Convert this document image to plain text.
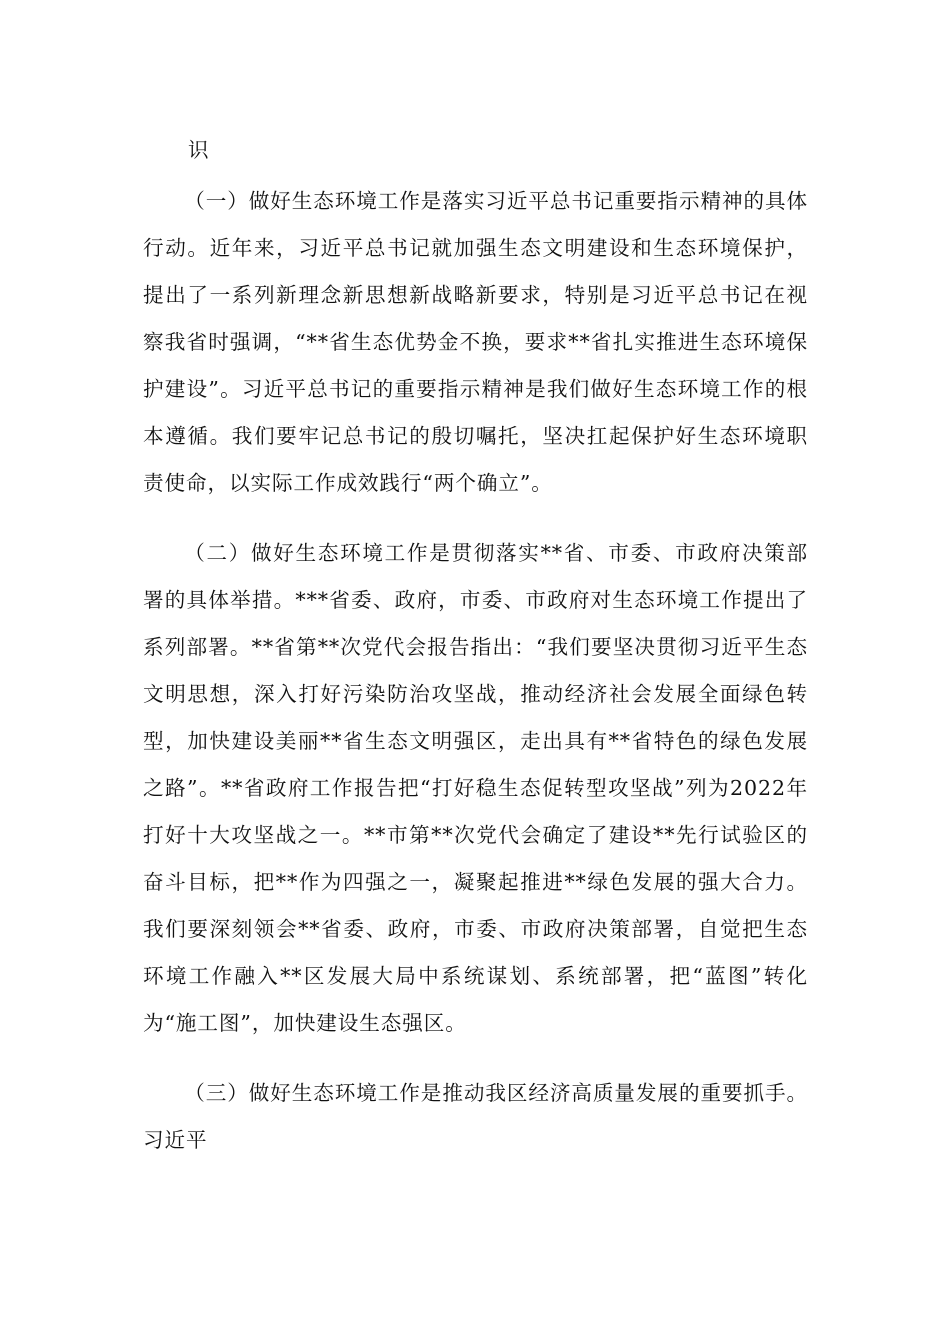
识

（一）做好生态环境工作是落实习近平总书记重要指示精神的具体行动。近年来，习近平总书记就加强生态文明建设和生态环境保护，提出了一系列新理念新思想新战略新要求，特别是习近平总书记在视察我省时强调，“**省生态优势金不换，要求**省扎实推进生态环境保护建设”。习近平总书记的重要指示精神是我们做好生态环境工作的根本遵循。我们要牢记总书记的殷切嘱托，坚决扛起保护好生态环境职责使命，以实际工作成效践行“两个确立”。

（二）做好生态环境工作是贯彻落实**省、市委、市政府决策部署的具体举措。***省委、政府，市委、市政府对生态环境工作提出了系列部署。**省第**次党代会报告指出：“我们要坚决贯彻习近平生态文明思想，深入打好污染防治攻坚战，推动经济社会发展全面绿色转型，加快建设美丽**省生态文明强区，走出具有**省特色的绿色发展之路”。**省政府工作报告把“打好稳生态促转型攻坚战”列为2022年打好十大攻坚战之一。**市第**次党代会确定了建设**先行试验区的奋斗目标，把**作为四强之一，凝聚起推进**绿色发展的强大合力。我们要深刻领会**省委、政府，市委、市政府决策部署，自觉把生态环境工作融入**区发展大局中系统谋划、系统部署，把“蓝图”转化为“施工图”，加快建设生态强区。

（三）做好生态环境工作是推动我区经济高质量发展的重要抓手。习近平
